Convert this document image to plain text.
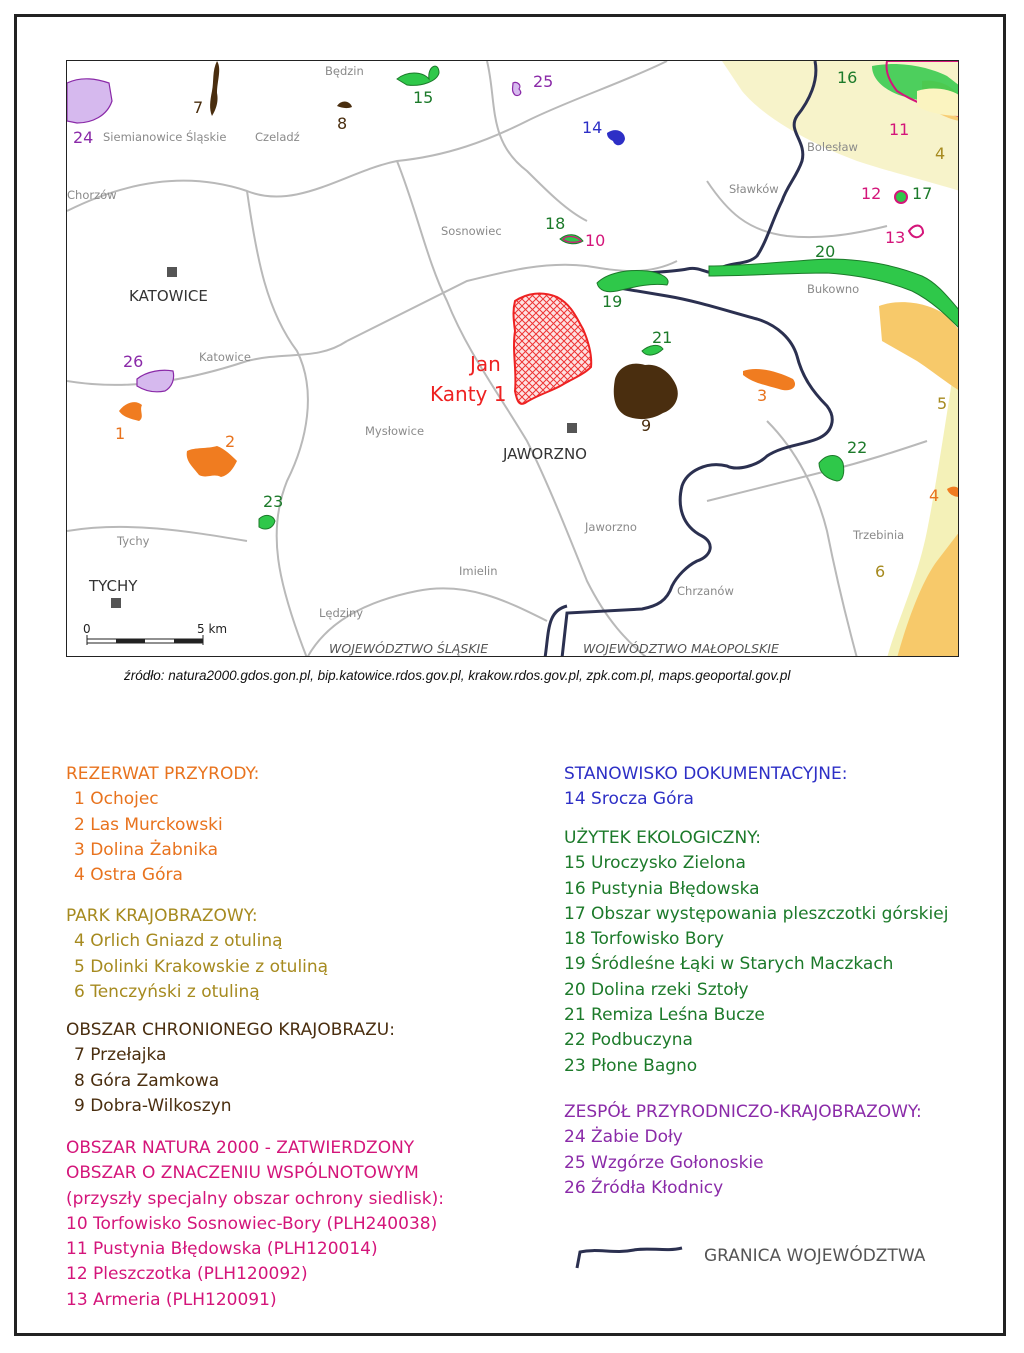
KATOWICE
JAWORZNO
TYCHY
Będzin
Siemianowice Śląskie Czeladź
Chorzów
Sosnowiec
Sławków
Bolesław
Bukowno
Katowice
Mysłowice
Jaworzno
Tychy
Imielin
Lędziny
Chrzanów
Trzebinia
Jan
Kanty 1
1	2
3
4
4
5
6
7
8
9
10
11
12
13
14
15
16
17
18
19
20
21
22
23
24
25
26
0	5 km
WOJEWÓDZTWO ŚLĄSKIE	WOJEWÓDZTWO MAŁOPOLSKIE
źródło: natura2000.gdos.gon.pl, bip.katowice.rdos.gov.pl, krakow.rdos.gov.pl, zpk.com.pl, maps.geoportal.gov.pl
REZERWAT PRZYRODY:
1 Ochojec
2 Las Murckowski
3 Dolina Żabnika
4 Ostra Góra
PARK KRAJOBRAZOWY:
4 Orlich Gniazd z otuliną
5 Dolinki Krakowskie z otuliną
6 Tenczyński z otuliną
OBSZAR CHRONIONEGO KRAJOBRAZU:
7 Przełajka
8 Góra Zamkowa
9 Dobra-Wilkoszyn
OBSZAR NATURA 2000 - ZATWIERDZONY
OBSZAR O ZNACZENIU WSPÓLNOTOWYM
(przyszły specjalny obszar ochrony siedlisk):
10 Torfowisko Sosnowiec-Bory (PLH240038)
11 Pustynia Błędowska (PLH120014)
12 Pleszczotka (PLH120092)
13 Armeria (PLH120091)
STANOWISKO DOKUMENTACYJNE:
14 Srocza Góra
UŻYTEK EKOLOGICZNY:
15 Uroczysko Zielona
16 Pustynia Błędowska
17 Obszar występowania pleszczotki górskiej
18 Torfowisko Bory
19 Śródleśne Łąki w Starych Maczkach
20 Dolina rzeki Sztoły
21 Remiza Leśna Bucze
22 Podbuczyna
23 Płone Bagno
ZESPÓŁ PRZYRODNICZO-KRAJOBRAZOWY:
24 Żabie Doły
25 Wzgórze Gołonoskie
26 Źródła Kłodnicy
GRANICA WOJEWÓDZTWA
